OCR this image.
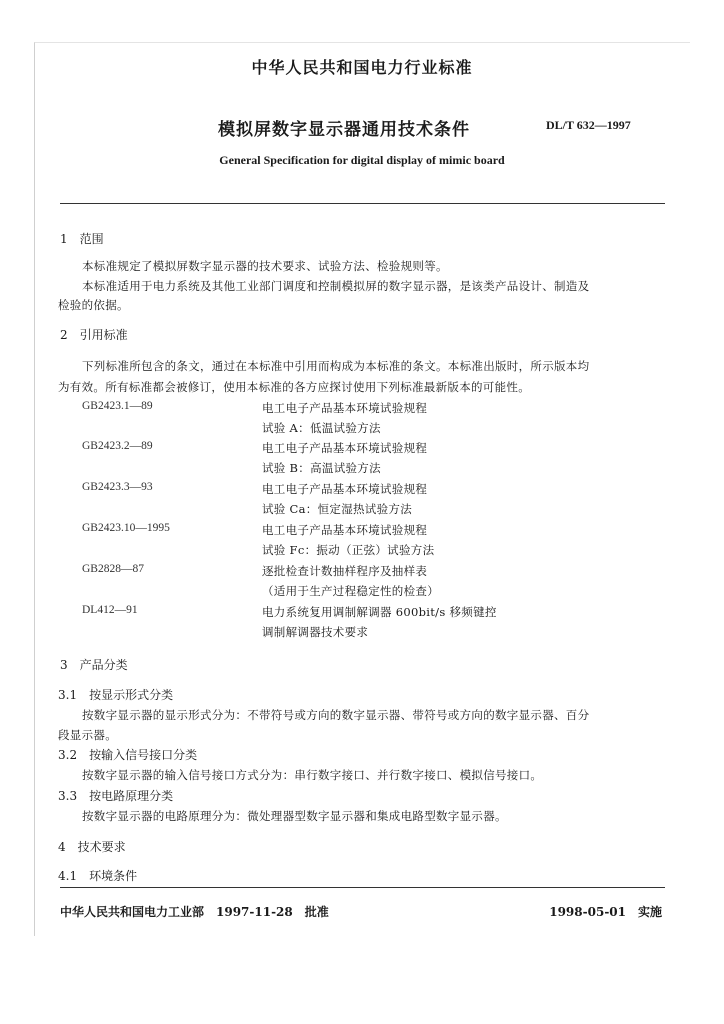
中华人民共和国电力行业标准
模拟屏数字显示器通用技术条件	DL/T 632—1997
General Specification for digital display of mimic board
1　范围
本标准规定了模拟屏数字显示器的技术要求、试验方法、检验规则等。
本标准适用于电力系统及其他工业部门调度和控制模拟屏的数字显示器，是该类产品设计、制造及
检验的依据。
2　引用标准
下列标准所包含的条文，通过在本标准中引用而构成为本标准的条文。本标准出版时，所示版本均
为有效。所有标准都会被修订，使用本标准的各方应探讨使用下列标准最新版本的可能性。
GB2423.1—89	电工电子产品基本环境试验规程
试验 A：低温试验方法
GB2423.2—89	电工电子产品基本环境试验规程
试验 B：高温试验方法
GB2423.3—93	电工电子产品基本环境试验规程
试验 Ca：恒定湿热试验方法
GB2423.10—1995	电工电子产品基本环境试验规程
试验 Fc：振动（正弦）试验方法
GB2828—87	逐批检查计数抽样程序及抽样表
（适用于生产过程稳定性的检查）
DL412—91	电力系统复用调制解调器 600bit/s 移频键控
调制解调器技术要求
3　产品分类
3.1　按显示形式分类
按数字显示器的显示形式分为：不带符号或方向的数字显示器、带符号或方向的数字显示器、百分
段显示器。
3.2　按输入信号接口分类
按数字显示器的输入信号接口方式分为：串行数字接口、并行数字接口、模拟信号接口。
3.3　按电路原理分类
按数字显示器的电路原理分为：微处理器型数字显示器和集成电路型数字显示器。
4　技术要求
4.1　环境条件
中华人民共和国电力工业部　1997-11-28　批准	1998-05-01　实施
